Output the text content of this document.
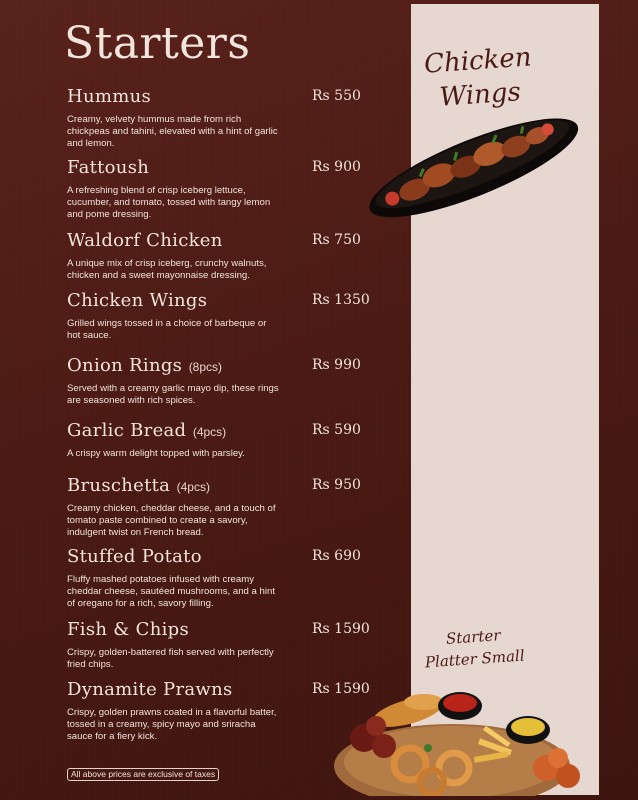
Starters
Hummus	Rs 550

Creamy, velvety hummus made from rich chickpeas and tahini, elevated with a hint of garlic and lemon.

Fattoush	Rs 900

A refreshing blend of crisp iceberg lettuce, cucumber, and tomato, tossed with tangy lemon and pome dressing.

Waldorf Chicken	Rs 750

A unique mix of crisp iceberg, crunchy walnuts, chicken and a sweet mayonnaise dressing.

Chicken Wings	Rs 1350

Grilled wings tossed in a choice of barbeque or hot sauce.

Onion Rings (8pcs)	Rs 990

Served with a creamy garlic mayo dip, these rings are seasoned with rich spices.

Garlic Bread (4pcs)	Rs 590

A crispy warm delight topped with parsley.

Bruschetta (4pcs)	Rs 950

Creamy chicken, cheddar cheese, and a touch of tomato paste combined to create a savory, indulgent twist on French bread.

Stuffed Potato	Rs 690

Fluffy mashed potatoes infused with creamy cheddar cheese, sautéed mushrooms, and a hint of oregano for a rich, savory filling.

Fish & Chips	Rs 1590

Crispy, golden-battered fish served with perfectly fried chips.

Dynamite Prawns	Rs 1590

Crispy, golden prawns coated in a flavorful batter, tossed in a creamy, spicy mayo and sriracha sauce for a fiery kick.

All above prices are exclusive of taxes
Chicken
Wings
Starter
Platter Small
